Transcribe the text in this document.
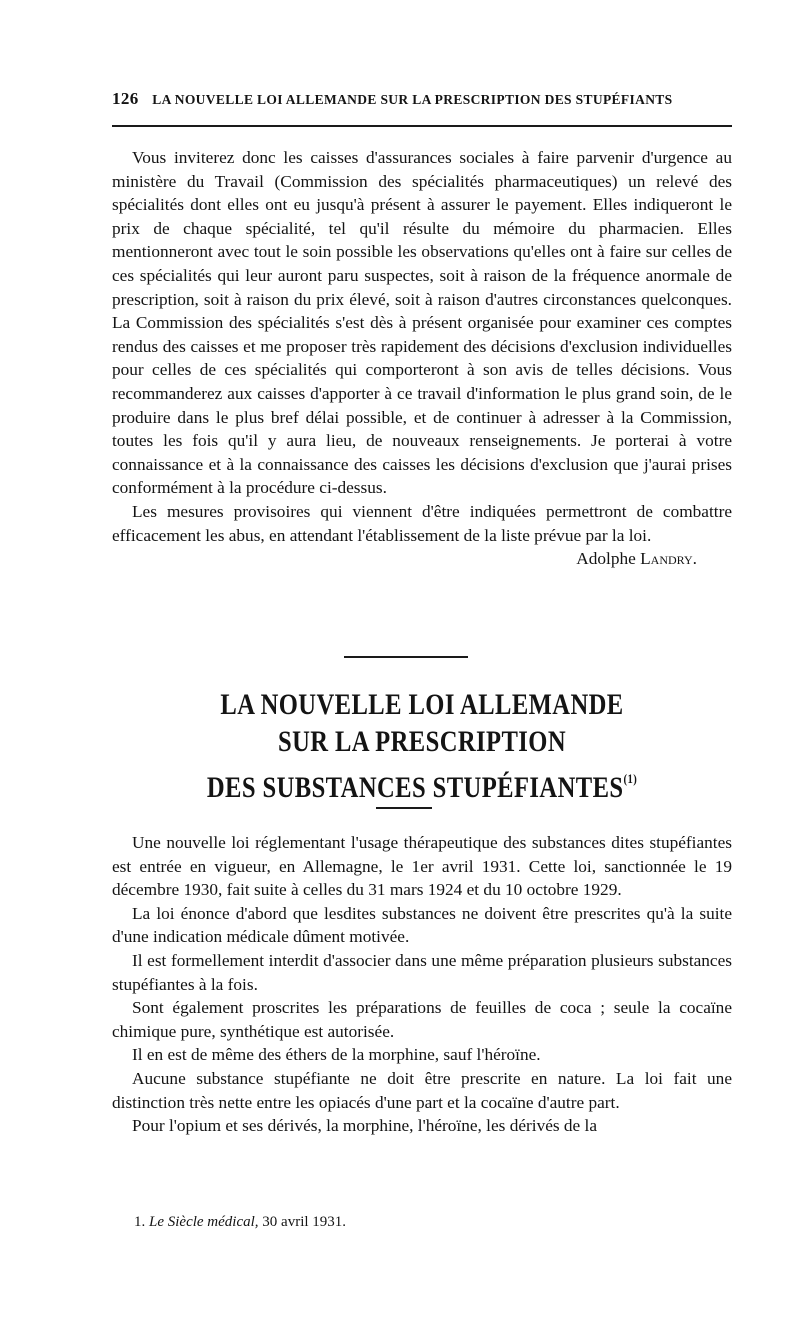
126 LA NOUVELLE LOI ALLEMANDE SUR LA PRESCRIPTION DES STUPÉFIANTS

Vous inviterez donc les caisses d'assurances sociales à faire parvenir d'urgence au ministère du Travail (Commission des spécialités pharmaceutiques) un relevé des spécialités dont elles ont eu jusqu'à présent à assurer le payement. Elles indiqueront le prix de chaque spécialité, tel qu'il résulte du mémoire du pharmacien. Elles mentionneront avec tout le soin possible les observations qu'elles ont à faire sur celles de ces spécialités qui leur auront paru suspectes, soit à raison de la fréquence anormale de prescription, soit à raison du prix élevé, soit à raison d'autres circonstances quelconques. La Commission des spécialités s'est dès à présent organisée pour examiner ces comptes rendus des caisses et me proposer très rapidement des décisions d'exclusion individuelles pour celles de ces spécialités qui comporteront à son avis de telles décisions. Vous recommanderez aux caisses d'apporter à ce travail d'information le plus grand soin, de le produire dans le plus bref délai possible, et de continuer à adresser à la Commission, toutes les fois qu'il y aura lieu, de nouveaux renseignements. Je porterai à votre connaissance et à la connaissance des caisses les décisions d'exclusion que j'aurai prises conformément à la procédure ci-dessus.

Les mesures provisoires qui viennent d'être indiquées permettront de combattre efficacement les abus, en attendant l'établissement de la liste prévue par la loi.
Adolphe Landry.

LA NOUVELLE LOI ALLEMANDE
SUR LA PRESCRIPTION
DES SUBSTANCES STUPÉFIANTES$^{(1)}$

Une nouvelle loi réglementant l'usage thérapeutique des substances dites stupéfiantes est entrée en vigueur, en Allemagne, le 1er avril 1931. Cette loi, sanctionnée le 19 décembre 1930, fait suite à celles du 31 mars 1924 et du 10 octobre 1929.

La loi énonce d'abord que lesdites substances ne doivent être prescrites qu'à la suite d'une indication médicale dûment motivée.

Il est formellement interdit d'associer dans une même préparation plusieurs substances stupéfiantes à la fois.

Sont également proscrites les préparations de feuilles de coca ; seule la cocaïne chimique pure, synthétique est autorisée.

Il en est de même des éthers de la morphine, sauf l'héroïne.

Aucune substance stupéfiante ne doit être prescrite en nature. La loi fait une distinction très nette entre les opiacés d'une part et la cocaïne d'autre part.

Pour l'opium et ses dérivés, la morphine, l'héroïne, les dérivés de la

1. Le Siècle médical, 30 avril 1931.
